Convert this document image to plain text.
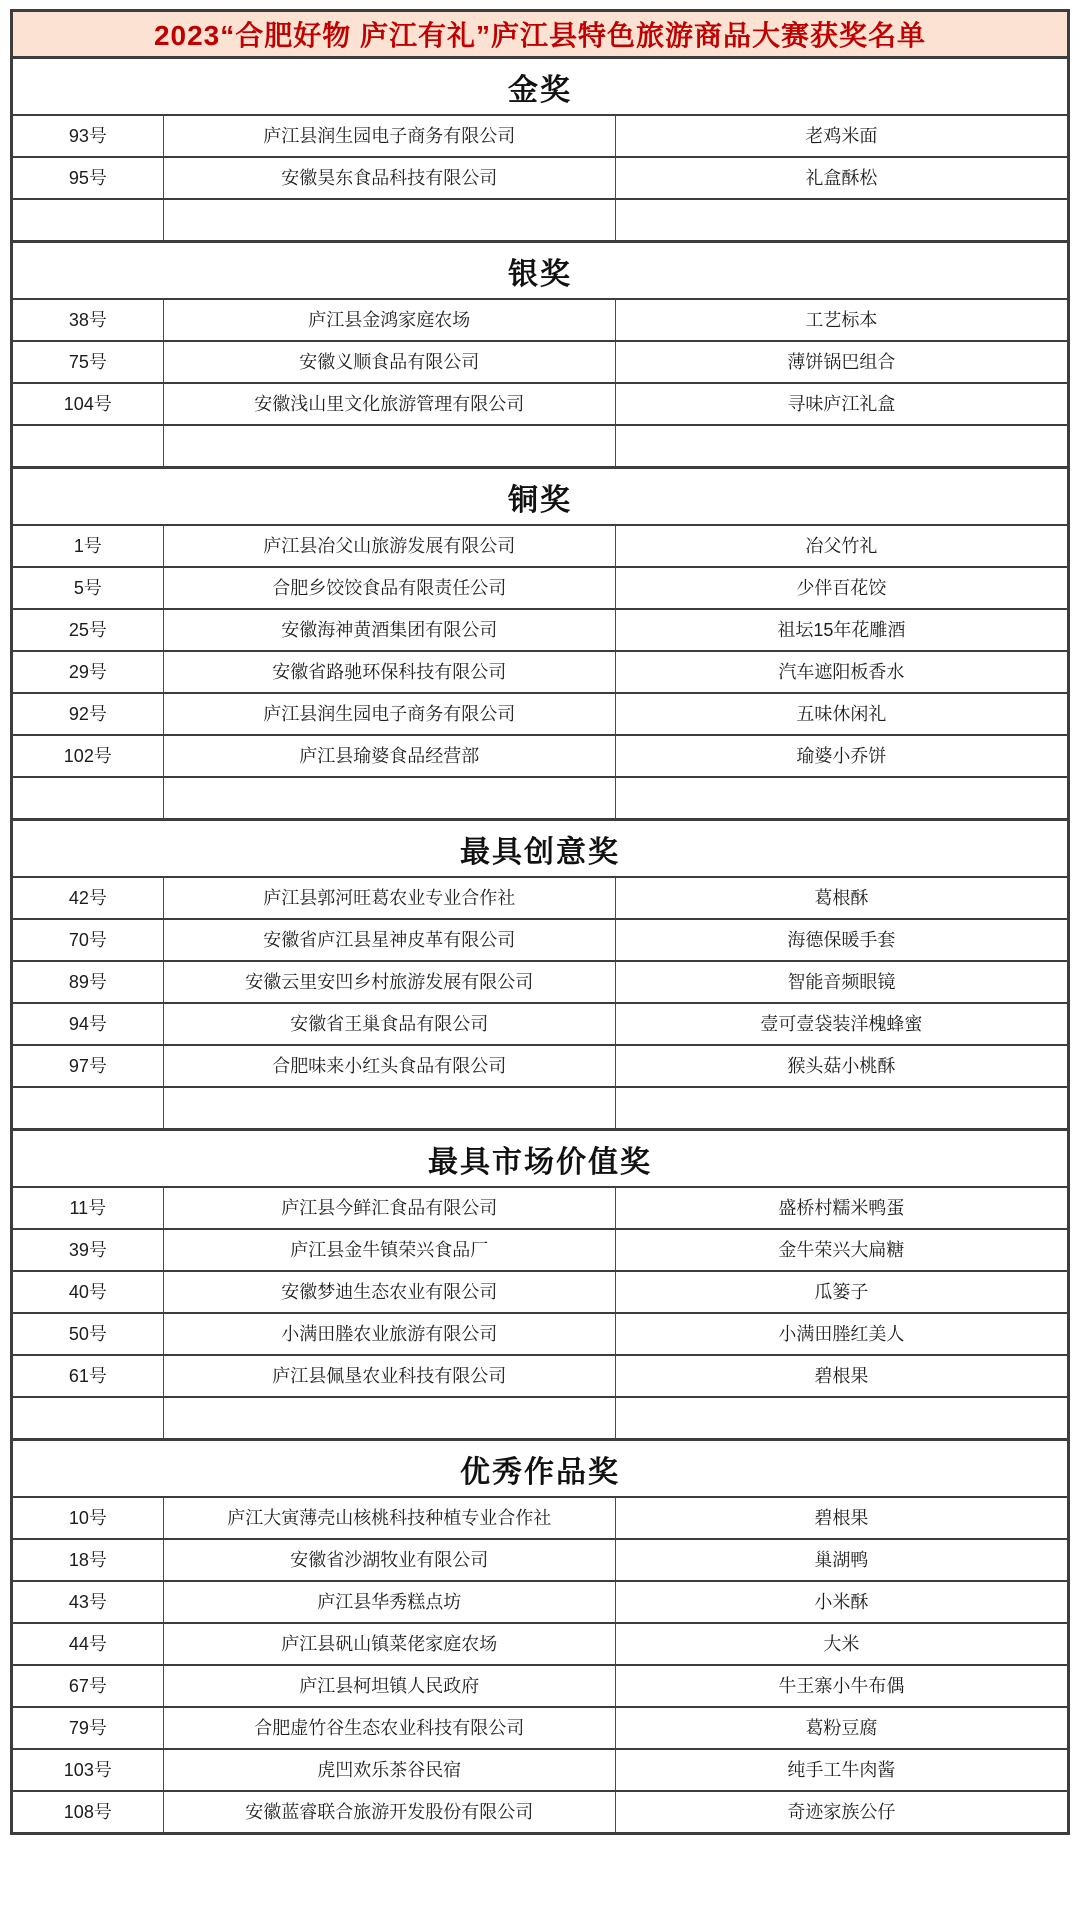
2023“合肥好物 庐江有礼”庐江县特色旅游商品大赛获奖名单
金奖
93号	庐江县润生园电子商务有限公司	老鸡米面
95号	安徽昊东食品科技有限公司	礼盒酥松
银奖
38号	庐江县金鸿家庭农场	工艺标本
75号	安徽义顺食品有限公司	薄饼锅巴组合
104号	安徽浅山里文化旅游管理有限公司	寻味庐江礼盒
铜奖
1号	庐江县冶父山旅游发展有限公司	冶父竹礼
5号	合肥乡饺饺食品有限责任公司	少伴百花饺
25号	安徽海神黄酒集团有限公司	祖坛15年花雕酒
29号	安徽省路驰环保科技有限公司	汽车遮阳板香水
92号	庐江县润生园电子商务有限公司	五味休闲礼
102号	庐江县瑜婆食品经营部	瑜婆小乔饼
最具创意奖
42号	庐江县郭河旺葛农业专业合作社	葛根酥
70号	安徽省庐江县星神皮革有限公司	海德保暖手套
89号	安徽云里安凹乡村旅游发展有限公司	智能音频眼镜
94号	安徽省王巢食品有限公司	壹可壹袋装洋槐蜂蜜
97号	合肥味来小红头食品有限公司	猴头菇小桃酥
最具市场价值奖
11号	庐江县今鲜汇食品有限公司	盛桥村糯米鸭蛋
39号	庐江县金牛镇荣兴食品厂	金牛荣兴大扁糖
40号	安徽梦迪生态农业有限公司	瓜篓子
50号	小满田塍农业旅游有限公司	小满田塍红美人
61号	庐江县佩垦农业科技有限公司	碧根果
优秀作品奖
10号	庐江大寅薄壳山核桃科技种植专业合作社	碧根果
18号	安徽省沙湖牧业有限公司	巢湖鸭
43号	庐江县华秀糕点坊	小米酥
44号	庐江县矾山镇菜佬家庭农场	大米
67号	庐江县柯坦镇人民政府	牛王寨小牛布偶
79号	合肥虚竹谷生态农业科技有限公司	葛粉豆腐
103号	虎凹欢乐茶谷民宿	纯手工牛肉酱
108号	安徽蓝睿联合旅游开发股份有限公司	奇迹家族公仔
